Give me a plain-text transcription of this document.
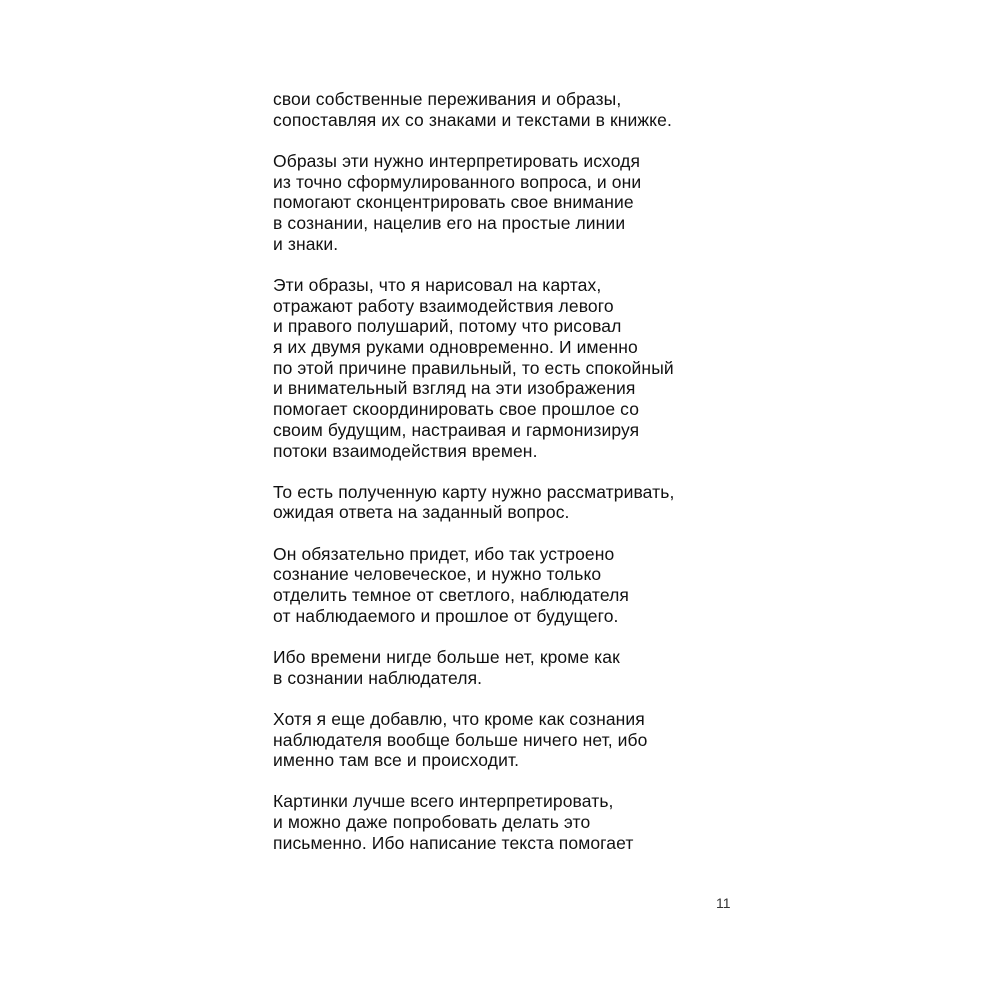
свои собственные переживания и образы,
сопоставляя их со знаками и текстами в книжке.

Образы эти нужно интерпретировать исходя
из точно сформулированного вопроса, и они
помогают сконцентрировать свое внимание
в сознании, нацелив его на простые линии
и знаки.

Эти образы, что я нарисовал на картах,
отражают работу взаимодействия левого
и правого полушарий, потому что рисовал
я их двумя руками одновременно. И именно
по этой причине правильный, то есть спокойный
и внимательный взгляд на эти изображения
помогает скоординировать свое прошлое со
своим будущим, настраивая и гармонизируя
потоки взаимодействия времен.

То есть полученную карту нужно рассматривать,
ожидая ответа на заданный вопрос.

Он обязательно придет, ибо так устроено
сознание человеческое, и нужно только
отделить темное от светлого, наблюдателя
от наблюдаемого и прошлое от будущего.

Ибо времени нигде больше нет, кроме как
в сознании наблюдателя.

Хотя я еще добавлю, что кроме как сознания
наблюдателя вообще больше ничего нет, ибо
именно там все и происходит.

Картинки лучше всего интерпретировать,
и можно даже попробовать делать это
письменно. Ибо написание текста помогает

11
